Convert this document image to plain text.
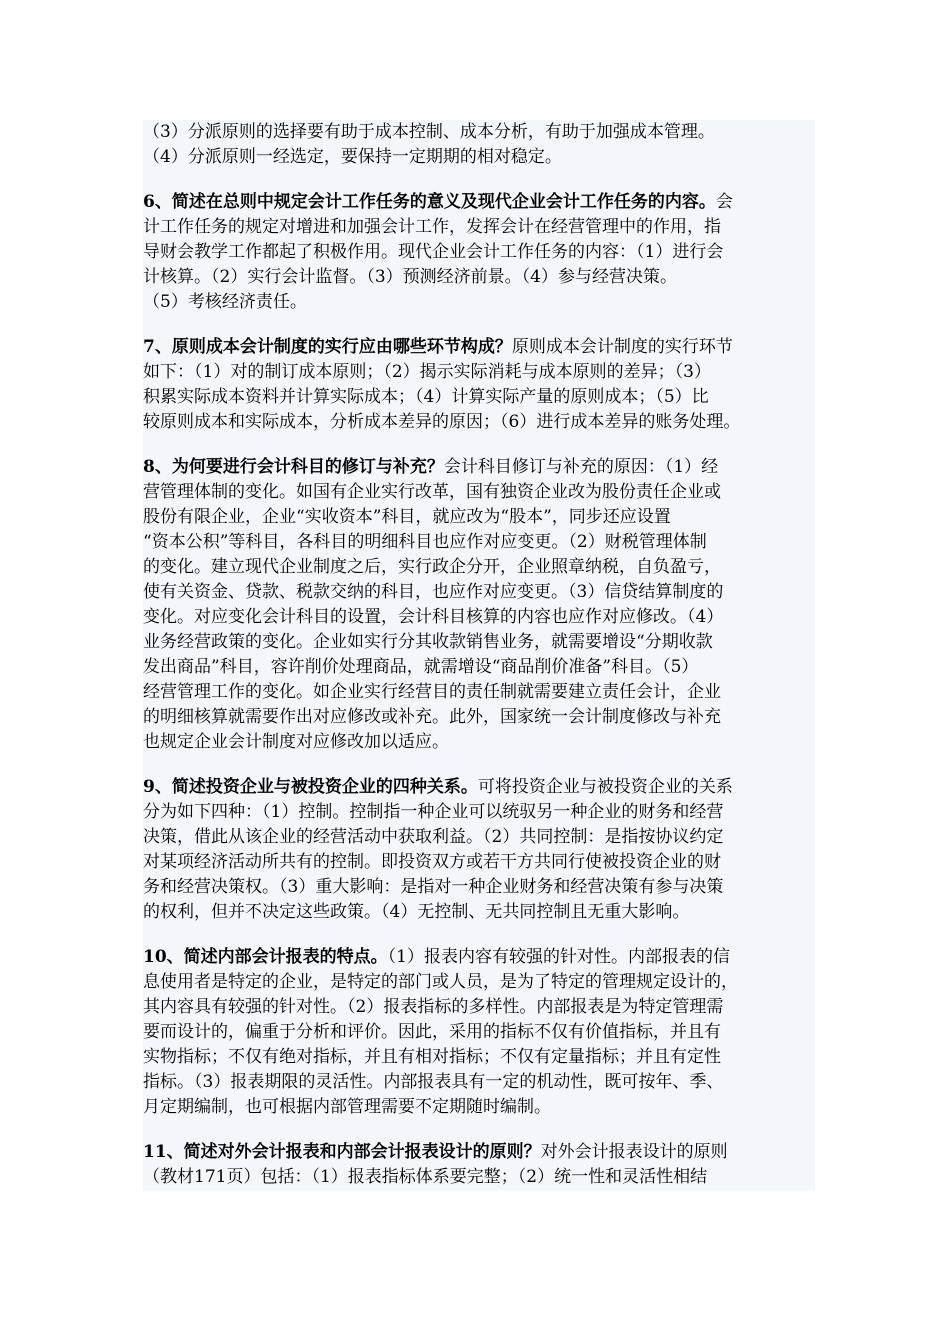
（3）分派原则的选择要有助于成本控制、成本分析，有助于加强成本管理。
（4）分派原则一经选定，要保持一定期期的相对稳定。
6、简述在总则中规定会计工作任务的意义及现代企业会计工作任务的内容。会
计工作任务的规定对增进和加强会计工作，发挥会计在经营管理中的作用，指
导财会教学工作都起了积极作用。现代企业会计工作任务的内容：（1）进行会
计核算。（2）实行会计监督。（3）预测经济前景。（4）参与经营决策。
（5）考核经济责任。
7、原则成本会计制度的实行应由哪些环节构成？原则成本会计制度的实行环节
如下：（1）对的制订成本原则；（2）揭示实际消耗与成本原则的差异；（3）
积累实际成本资料并计算实际成本；（4）计算实际产量的原则成本；（5）比
较原则成本和实际成本，分析成本差异的原因；（6）进行成本差异的账务处理。
8、为何要进行会计科目的修订与补充？会计科目修订与补充的原因：（1）经
营管理体制的变化。如国有企业实行改革，国有独资企业改为股份责任企业或
股份有限企业，企业“实收资本”科目，就应改为“股本”，同步还应设置
“资本公积”等科目，各科目的明细科目也应作对应变更。（2）财税管理体制
的变化。建立现代企业制度之后，实行政企分开，企业照章纳税，自负盈亏，
使有关资金、贷款、税款交纳的科目，也应作对应变更。（3）信贷结算制度的
变化。对应变化会计科目的设置，会计科目核算的内容也应作对应修改。（4）
业务经营政策的变化。企业如实行分其收款销售业务，就需要增设“分期收款
发出商品”科目，容许削价处理商品，就需增设“商品削价准备”科目。（5）
经营管理工作的变化。如企业实行经营目的责任制就需要建立责任会计，企业
的明细核算就需要作出对应修改或补充。此外，国家统一会计制度修改与补充
也规定企业会计制度对应修改加以适应。
9、简述投资企业与被投资企业的四种关系。可将投资企业与被投资企业的关系
分为如下四种：（1）控制。控制指一种企业可以统驭另一种企业的财务和经营
决策，借此从该企业的经营活动中获取利益。（2）共同控制：是指按协议约定
对某项经济活动所共有的控制。即投资双方或若干方共同行使被投资企业的财
务和经营决策权。（3）重大影响：是指对一种企业财务和经营决策有参与决策
的权利，但并不决定这些政策。（4）无控制、无共同控制且无重大影响。
10、简述内部会计报表的特点。（1）报表内容有较强的针对性。内部报表的信
息使用者是特定的企业，是特定的部门或人员，是为了特定的管理规定设计的，
其内容具有较强的针对性。（2）报表指标的多样性。内部报表是为特定管理需
要而设计的，偏重于分析和评价。因此，采用的指标不仅有价值指标，并且有
实物指标；不仅有绝对指标，并且有相对指标；不仅有定量指标；并且有定性
指标。（3）报表期限的灵活性。内部报表具有一定的机动性，既可按年、季、
月定期编制，也可根据内部管理需要不定期随时编制。
11、简述对外会计报表和内部会计报表设计的原则？对外会计报表设计的原则
（教材171页）包括：（1）报表指标体系要完整；（2）统一性和灵活性相结
